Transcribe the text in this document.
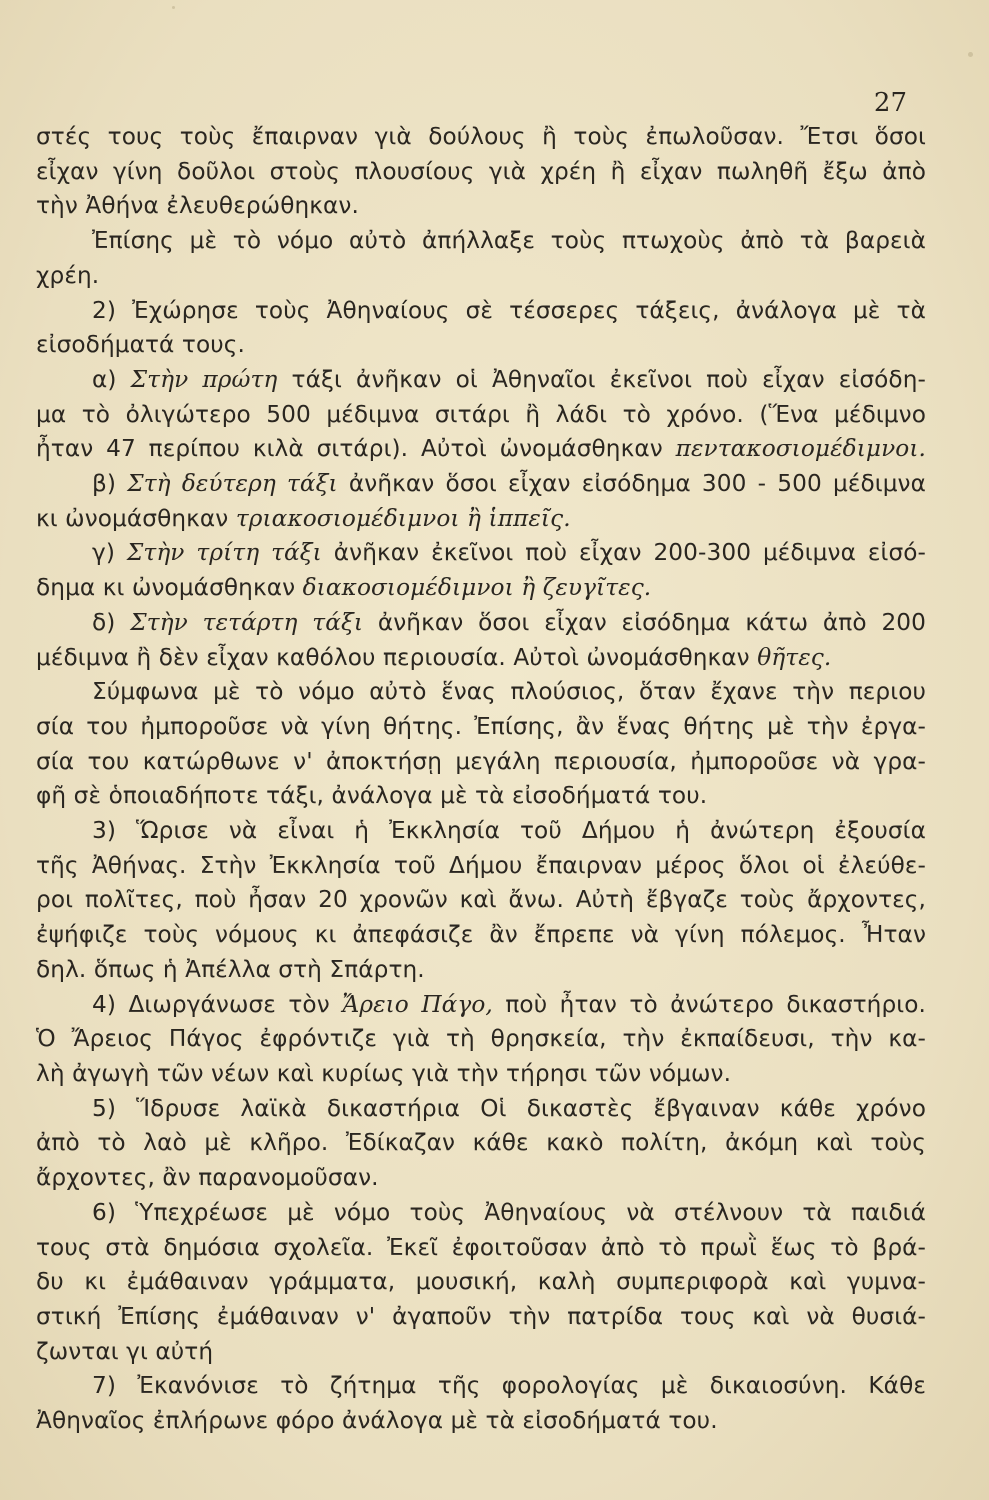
27

στές τους τοὺς ἔπαιρναν γιὰ δούλους ἢ τοὺς ἐπωλοῦσαν. Ἔτσι ὅσοι

εἶχαν γίνη δοῦλοι στοὺς πλουσίους γιὰ χρέη ἢ εἶχαν πωληθῆ ἔξω ἀπὸ

τὴν Ἀθήνα ἐλευθερώθηκαν.

Ἐπίσης μὲ τὸ νόμο αὐτὸ ἀπήλλαξε τοὺς πτωχοὺς ἀπὸ τὰ βαρειὰ

χρέη.

2) Ἐχώρησε τοὺς Ἀθηναίους σὲ τέσσερες τάξεις, ἀνάλογα μὲ τὰ

εἰσοδήματά τους.

α) Στὴν πρώτη τάξι ἀνῆκαν οἱ Ἀθηναῖοι ἐκεῖνοι ποὺ εἶχαν εἰσόδη-

μα τὸ ὀλιγώτερο 500 μέδιμνα σιτάρι ἢ λάδι τὸ χρόνο. (Ἕνα μέδιμνο

ἦταν 47 περίπου κιλὰ σιτάρι). Αὐτοὶ ὠνομάσθηκαν πεντακοσιομέδιμνοι.

β) Στὴ δεύτερη τάξι ἀνῆκαν ὅσοι εἶχαν εἰσόδημα 300 - 500 μέδιμνα

κι ὠνομάσθηκαν τριακοσιομέδιμνοι ἢ ἱππεῖς.

γ) Στὴν τρίτη τάξι ἀνῆκαν ἐκεῖνοι ποὺ εἶχαν 200-300 μέδιμνα εἰσό-

δημα κι ὠνομάσθηκαν διακοσιομέδιμνοι ἢ ζευγῖτες.

δ) Στὴν τετάρτη τάξι ἀνῆκαν ὅσοι εἶχαν εἰσόδημα κάτω ἀπὸ 200

μέδιμνα ἢ δὲν εἶχαν καθόλου περιουσία. Αὐτοὶ ὠνομάσθηκαν θῆτες.

Σύμφωνα μὲ τὸ νόμο αὐτὸ ἕνας πλούσιος, ὅταν ἔχανε τὴν περιου

σία του ἠμποροῦσε νὰ γίνη θήτης. Ἐπίσης, ἂν ἕνας θήτης μὲ τὴν ἐργα-

σία του κατώρθωνε ν' ἀποκτήσῃ μεγάλη περιουσία, ἠμποροῦσε νὰ γρα-

φῆ σὲ ὁποιαδήποτε τάξι, ἀνάλογα μὲ τὰ εἰσοδήματά του.

3) Ὥρισε νὰ εἶναι ἡ Ἐκκλησία τοῦ Δήμου ἡ ἀνώτερη ἐξουσία

τῆς Ἀθήνας. Στὴν Ἐκκλησία τοῦ Δήμου ἔπαιρναν μέρος ὅλοι οἱ ἐλεύθε-

ροι πολῖτες, ποὺ ἦσαν 20 χρονῶν καὶ ἄνω. Αὐτὴ ἔβγαζε τοὺς ἄρχοντες,

ἐψήφιζε τοὺς νόμους κι ἀπεφάσιζε ἂν ἔπρεπε νὰ γίνη πόλεμος. Ἦταν

δηλ. ὅπως ἡ Ἀπέλλα στὴ Σπάρτη.

4) Διωργάνωσε τὸν Ἄρειο Πάγο, ποὺ ἦταν τὸ ἀνώτερο δικαστήριο.

Ὁ Ἄρειος Πάγος ἐφρόντιζε γιὰ τὴ θρησκεία, τὴν ἐκπαίδευσι, τὴν κα-

λὴ ἀγωγὴ τῶν νέων καὶ κυρίως γιὰ τὴν τήρησι τῶν νόμων.

5) Ἵδρυσε λαϊκὰ δικαστήρια Οἱ δικαστὲς ἔβγαιναν κάθε χρόνο

ἀπὸ τὸ λαὸ μὲ κλῆρο. Ἐδίκαζαν κάθε κακὸ πολίτη, ἀκόμη καὶ τοὺς

ἄρχοντες, ἂν παρανομοῦσαν.

6) Ὑπεχρέωσε μὲ νόμο τοὺς Ἀθηναίους νὰ στέλνουν τὰ παιδιά

τους στὰ δημόσια σχολεῖα. Ἐκεῖ ἐφοιτοῦσαν ἀπὸ τὸ πρωῒ ἕως τὸ βρά-

δυ κι ἐμάθαιναν γράμματα, μουσική, καλὴ συμπεριφορὰ καὶ γυμνα-

στική Ἐπίσης ἐμάθαιναν ν' ἀγαποῦν τὴν πατρίδα τους καὶ νὰ θυσιά-

ζωνται γι αὐτή

7) Ἐκανόνισε τὸ ζήτημα τῆς φορολογίας μὲ δικαιοσύνη. Κάθε

Ἀθηναῖος ἐπλήρωνε φόρο ἀνάλογα μὲ τὰ εἰσοδήματά του.
